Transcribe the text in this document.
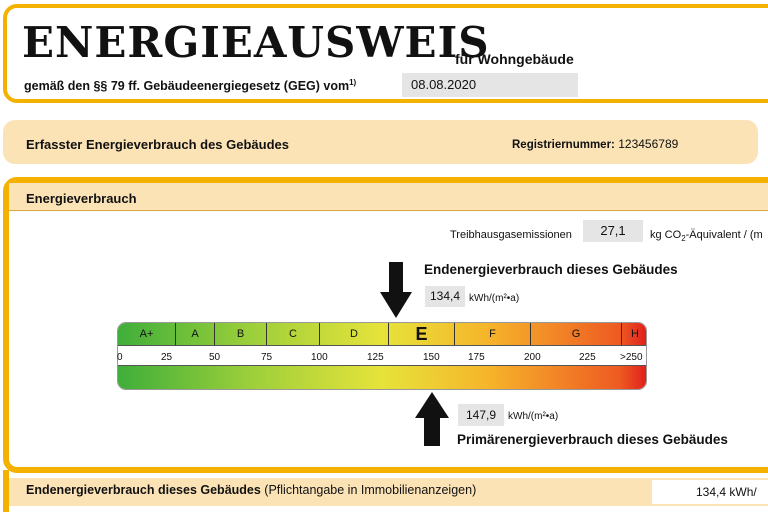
ENERGIEAUSWEIS
für Wohngebäude
gemäß den §§ 79 ff. Gebäudeenergiegesetz (GEG) vom$^{1)}$	08.08.2020
Erfasster Energieverbrauch des Gebäudes	Registriernummer: 123456789
Energieverbrauch
Treibhausgasemissionen	27,1	kg $CO_2$-Äquivalent / (m
Endenergieverbrauch dieses Gebäudes
134,4 kWh/(m²•a)
A+	A	B	C	D	E	F	G	H
0	25	50	75	100	125	150	175	200	225 >250
147,9	kWh/(m²•a)
Primärenergieverbrauch dieses Gebäudes
Endenergieverbrauch dieses Gebäudes (Pflichtangabe in Immobilienanzeigen)	134,4 kWh/
